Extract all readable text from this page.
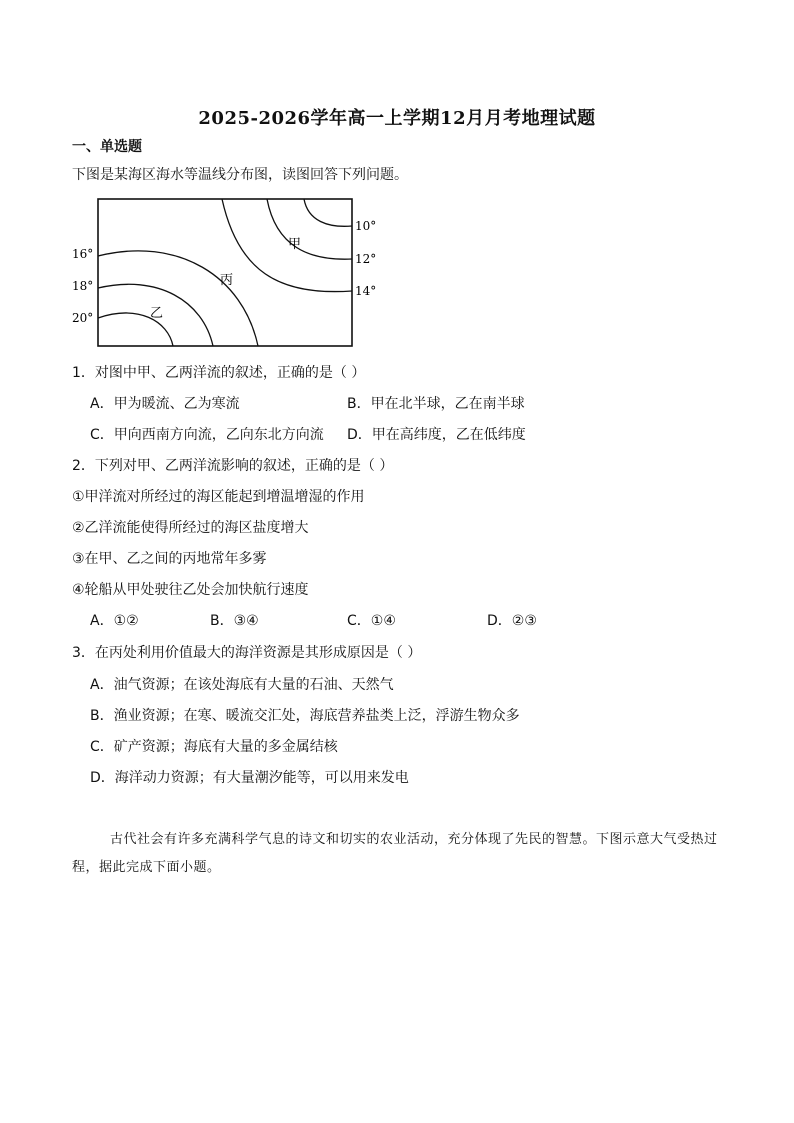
2025-2026学年高一上学期12月月考地理试题
一、单选题
下图是某海区海水等温线分布图，读图回答下列问题。
16°
18°
20°
10°
12°
14°
甲
丙
乙
1．对图中甲、乙两洋流的叙述，正确的是（ ）
A．甲为暖流、乙为寒流	B．甲在北半球，乙在南半球
C．甲向西南方向流，乙向东北方向流 D．甲在高纬度，乙在低纬度
2．下列对甲、乙两洋流影响的叙述，正确的是（ ）
①甲洋流对所经过的海区能起到增温增湿的作用
②乙洋流能使得所经过的海区盐度增大
③在甲、乙之间的丙地常年多雾
④轮船从甲处驶往乙处会加快航行速度
A．①②	B．③④	C．①④	D．②③
3．在丙处利用价值最大的海洋资源是其形成原因是（ ）
A．油气资源；在该处海底有大量的石油、天然气
B．渔业资源；在寒、暖流交汇处，海底营养盐类上泛，浮游生物众多
C．矿产资源；海底有大量的多金属结核
D．海洋动力资源；有大量潮汐能等，可以用来发电
古代社会有许多充满科学气息的诗文和切实的农业活动，充分体现了先民的智慧。下图示意大气受热过程，据此完成下面小题。
